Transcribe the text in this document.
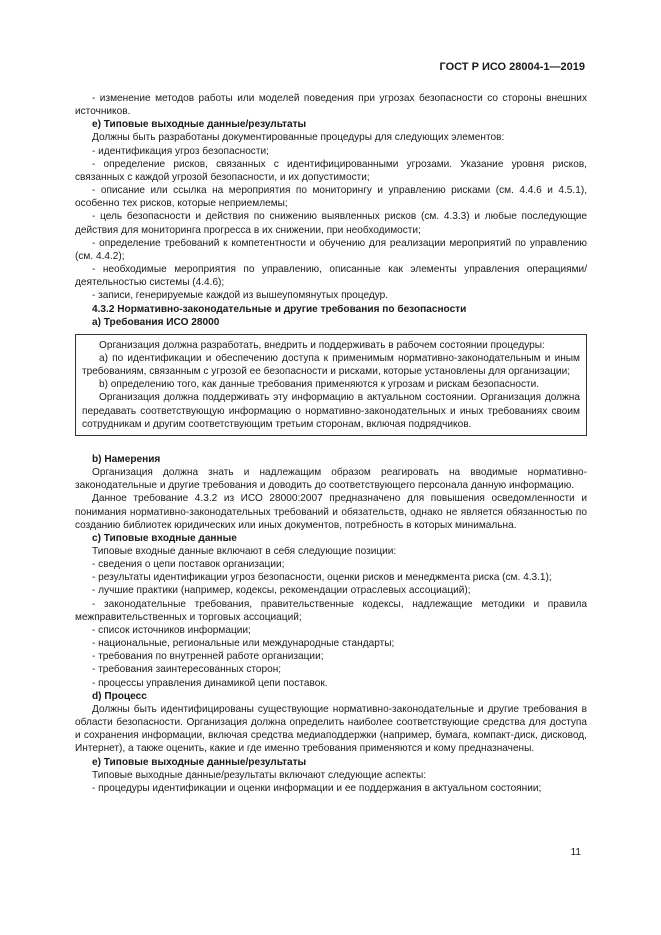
ГОСТ Р ИСО 28004-1—2019

- изменение методов работы или моделей поведения при угрозах безопасности со стороны внешних источников.

е) Типовые выходные данные/результаты

Должны быть разработаны документированные процедуры для следующих элементов:

- идентификация угроз безопасности;

- определение рисков, связанных с идентифицированными угрозами. Указание уровня рисков, связанных с каждой угрозой безопасности, и их допустимости;

- описание или ссылка на мероприятия по мониторингу и управлению рисками (см. 4.4.6 и 4.5.1), особенно тех рисков, которые неприемлемы;

- цель безопасности и действия по снижению выявленных рисков (см. 4.3.3) и любые последующие действия для мониторинга прогресса в их снижении, при необходимости;

- определение требований к компетентности и обучению для реализации мероприятий по управлению (см. 4.4.2);

- необходимые мероприятия по управлению, описанные как элементы управления операциями/деятельностью системы (4.4.6);

- записи, генерируемые каждой из вышеупомянутых процедур.

4.3.2 Нормативно-законодательные и другие требования по безопасности

а) Требования ИСО 28000

Организация должна разработать, внедрить и поддерживать в рабочем состоянии процедуры:

а) по идентификации и обеспечению доступа к применимым нормативно-законодательным и иным требованиям, связанным с угрозой ее безопасности и рисками, которые установлены для организации;

b) определению того, как данные требования применяются к угрозам и рискам безопасности.

Организация должна поддерживать эту информацию в актуальном состоянии. Организация должна передавать соответствующую информацию о нормативно-законодательных и иных требованиях своим сотрудникам и другим соответствующим третьим сторонам, включая подрядчиков.

b) Намерения

Организация должна знать и надлежащим образом реагировать на вводимые нормативно-законодательные и другие требования и доводить до соответствующего персонала данную информацию.

Данное требование 4.3.2 из ИСО 28000:2007 предназначено для повышения осведомленности и понимания нормативно-законодательных требований и обязательств, однако не является обязанностью по созданию библиотек юридических или иных документов, потребность в которых минимальна.

с) Типовые входные данные

Типовые входные данные включают в себя следующие позиции:

- сведения о цепи поставок организации;

- результаты идентификации угроз безопасности, оценки рисков и менеджмента риска (см. 4.3.1);

- лучшие практики (например, кодексы, рекомендации отраслевых ассоциаций);

- законодательные требования, правительственные кодексы, надлежащие методики и правила межправительственных и торговых ассоциаций;

- список источников информации;

- национальные, региональные или международные стандарты;

- требования по внутренней работе организации;

- требования заинтересованных сторон;

- процессы управления динамикой цепи поставок.

d) Процесс

Должны быть идентифицированы существующие нормативно-законодательные и другие требования в области безопасности. Организация должна определить наиболее соответствующие средства для доступа и сохранения информации, включая средства медиаподдержки (например, бумага, компакт-диск, дисковод, Интернет), а также оценить, какие и где именно требования применяются и кому предназначены.

е) Типовые выходные данные/результаты

Типовые выходные данные/результаты включают следующие аспекты:

- процедуры идентификации и оценки информации и ее поддержания в актуальном состоянии;

11
